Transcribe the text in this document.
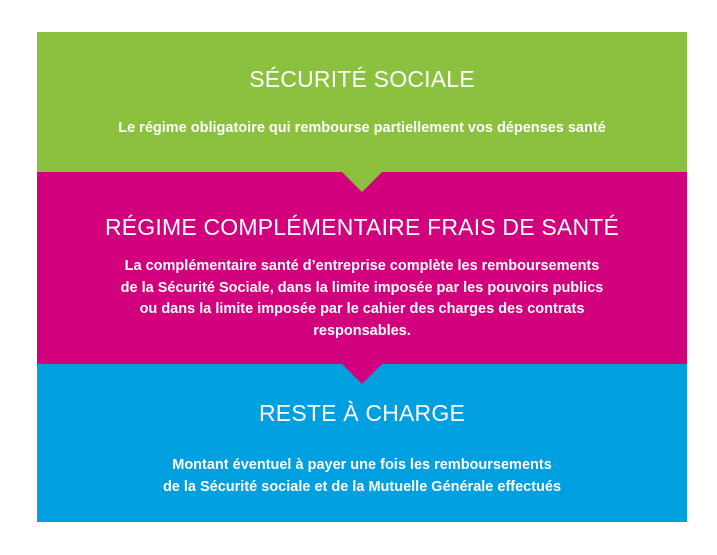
SÉCURITÉ SOCIALE
Le régime obligatoire qui rembourse partiellement vos dépenses santé
RÉGIME COMPLÉMENTAIRE FRAIS DE SANTÉ
La complémentaire santé d’entreprise complète les remboursements
de la Sécurité Sociale, dans la limite imposée par les pouvoirs publics
ou dans la limite imposée par le cahier des charges des contrats
responsables.
RESTE À CHARGE
Montant éventuel à payer une fois les remboursements
de la Sécurité sociale et de la Mutuelle Générale effectués
